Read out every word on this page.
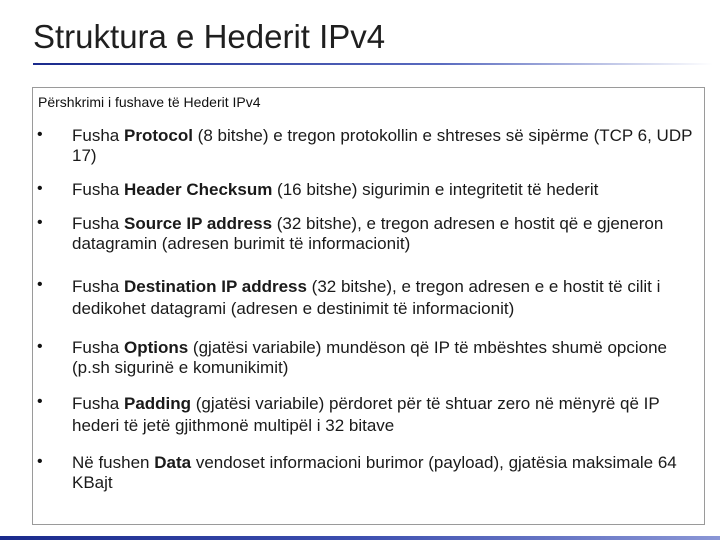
Struktura e Hederit IPv4
Përshkrimi i fushave të Hederit IPv4
• Fusha Protocol (8 bitshe) e tregon protokollin e shtreses së sipërme (TCP 6, UDP 17)
• Fusha Header Checksum (16 bitshe) sigurimin e integritetit të hederit
• Fusha Source IP address (32 bitshe), e tregon adresen e hostit që e gjeneron datagramin (adresen burimit të informacionit)
• Fusha Destination IP address (32 bitshe), e tregon adresen e e hostit të cilit i dedikohet datagrami (adresen e destinimit të informacionit)
• Fusha Options (gjatësi variabile) mundëson që IP të mbështes shumë opcione (p.sh sigurinë e komunikimit)
• Fusha Padding (gjatësi variabile) përdoret për të shtuar zero në mënyrë që IP hederi të jetë gjithmonë multipël i 32 bitave
• Në fushen Data vendoset informacioni burimor (payload), gjatësia maksimale 64 KBajt
